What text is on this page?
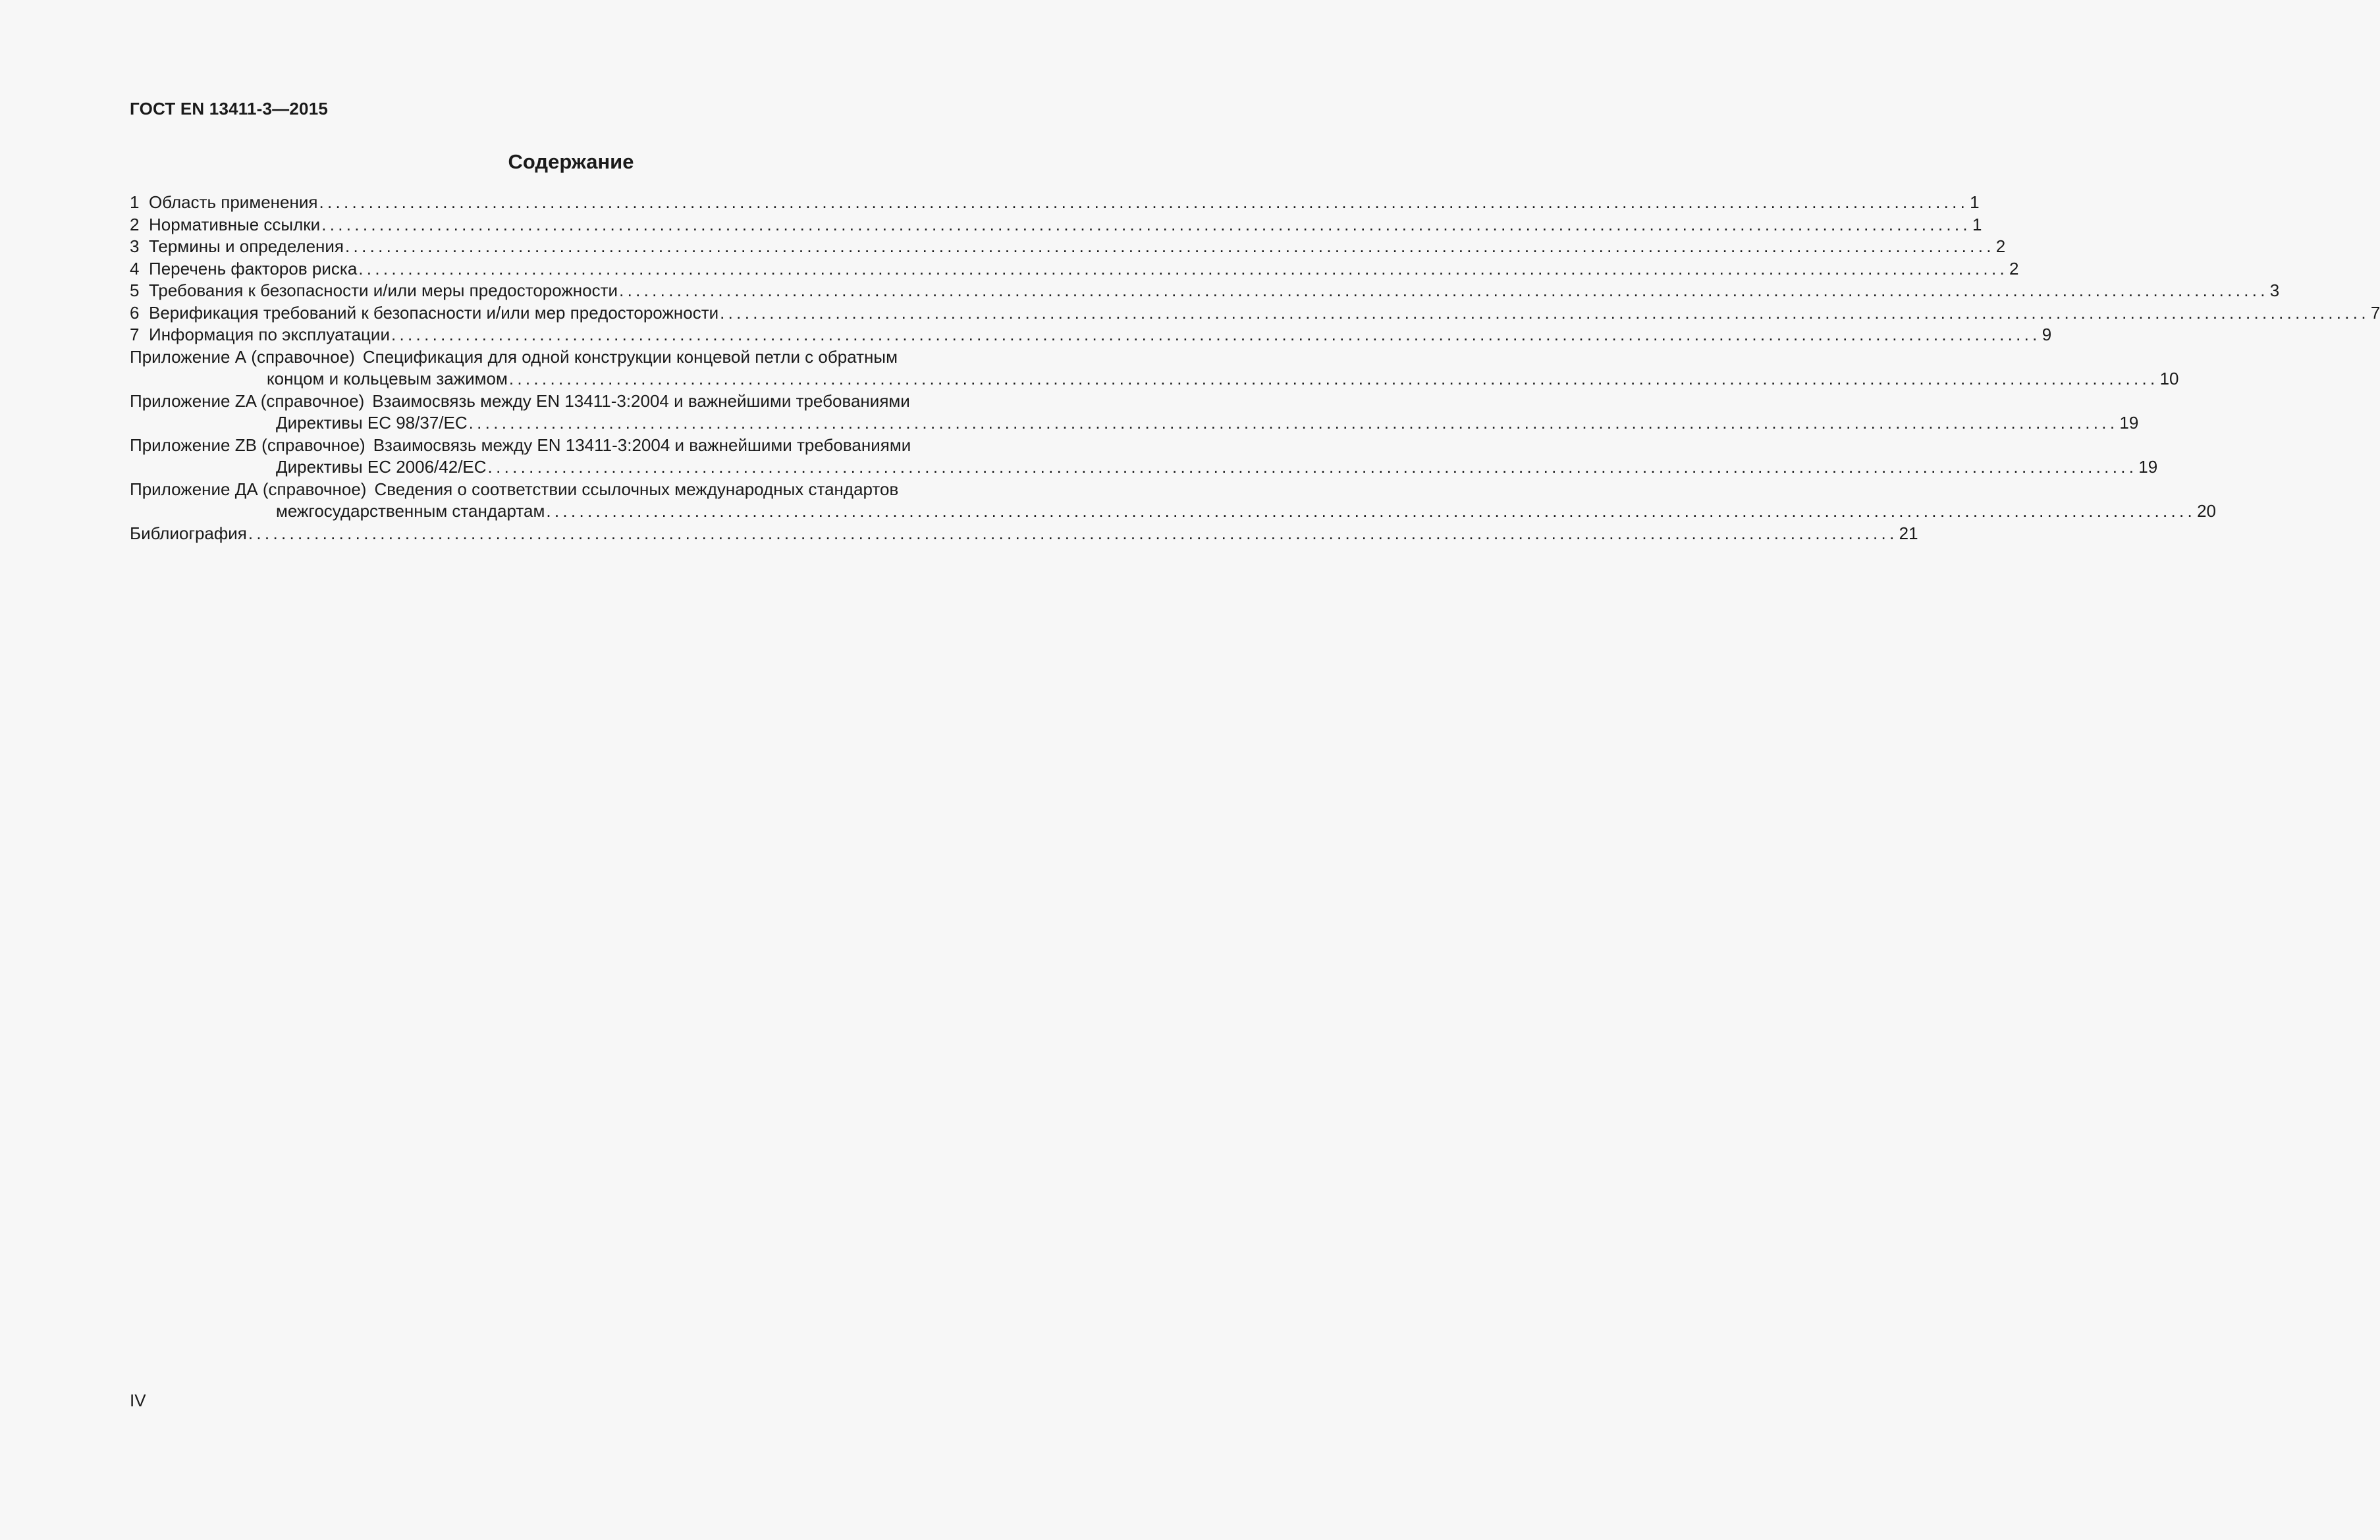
ГОСТ EN 13411-3—2015
Содержание
1 Область применения ........................................................................................................................................................................................................ 1
2 Нормативные ссылки ........................................................................................................................................................................................................ 1
3 Термины и определения ........................................................................................................................................................................................................ 2
4 Перечень факторов риска ........................................................................................................................................................................................................ 2
5 Требования к безопасности и/или меры предосторожности ........................................................................................................................................................................................................ 3
6 Верификация требований к безопасности и/или мер предосторожности ........................................................................................................................................................................................................ 7
7 Информация по эксплуатации ........................................................................................................................................................................................................ 9
Приложение А (справочное) Спецификация для одной конструкции концевой петли с обратным
концом и кольцевым зажимом ........................................................................................................................................................................................................ 10
Приложение ZA (справочное) Взаимосвязь между EN 13411-3:2004 и важнейшими требованиями
Директивы ЕС 98/37/ЕС ........................................................................................................................................................................................................ 19
Приложение ZB (справочное) Взаимосвязь между EN 13411-3:2004 и важнейшими требованиями
Директивы ЕС 2006/42/ЕС ........................................................................................................................................................................................................ 19
Приложение ДА (справочное) Сведения о соответствии ссылочных международных стандартов
межгосударственным стандартам ........................................................................................................................................................................................................ 20
Библиография ........................................................................................................................................................................................................ 21
IV
